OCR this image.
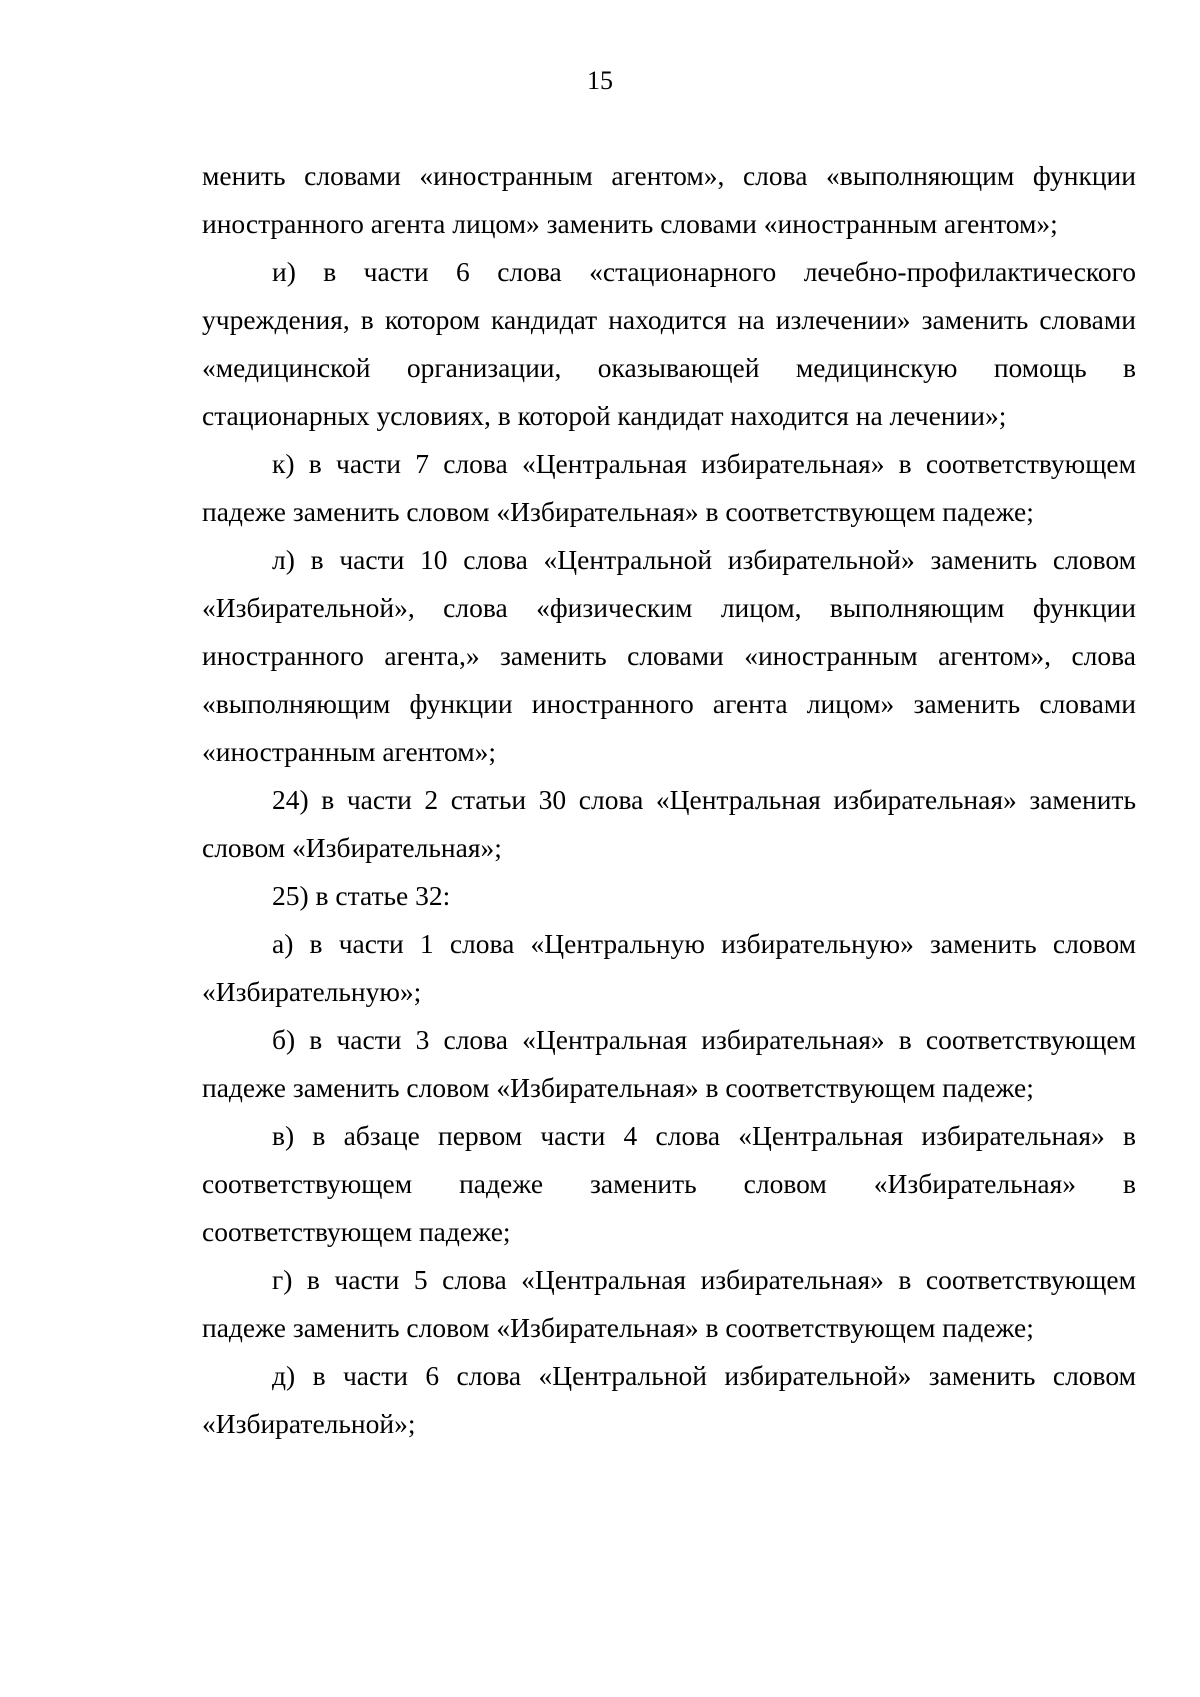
15

менить словами «иностранным агентом», слова «выполняющим функции иностранного агента лицом» заменить словами «иностранным агентом»;

и) в части 6 слова «стационарного лечебно-профилактического учреждения, в котором кандидат находится на излечении» заменить словами «медицинской организации, оказывающей медицинскую помощь в стационарных условиях, в которой кандидат находится на лечении»;

к) в части 7 слова «Центральная избирательная» в соответствующем падеже заменить словом «Избирательная» в соответствующем падеже;

л) в части 10 слова «Центральной избирательной» заменить словом «Избирательной», слова «физическим лицом, выполняющим функции иностранного агента,» заменить словами «иностранным агентом», слова «выполняющим функции иностранного агента лицом» заменить словами «иностранным агентом»;

24) в части 2 статьи 30 слова «Центральная избирательная» заменить словом «Избирательная»;

25) в статье 32:

а) в части 1 слова «Центральную избирательную» заменить словом «Избирательную»;

б) в части 3 слова «Центральная избирательная» в соответствующем падеже заменить словом «Избирательная» в соответствующем падеже;

в) в абзаце первом части 4 слова «Центральная избирательная» в соответствующем падеже заменить словом «Избирательная» в соответствующем падеже;

г) в части 5 слова «Центральная избирательная» в соответствующем падеже заменить словом «Избирательная» в соответствующем падеже;

д) в части 6 слова «Центральной избирательной» заменить словом «Избирательной»;
